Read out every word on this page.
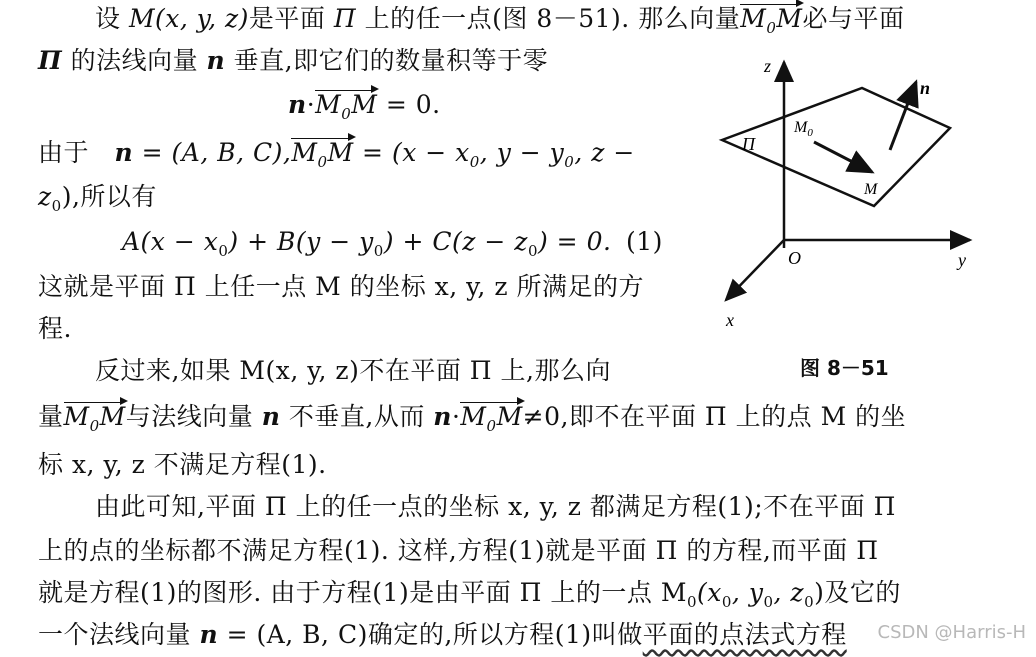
设 M(x, y, z)是平面 Π 上的任一点(图 8－51). 那么向量$M_0M$必与平面
Π 的法线向量 n 垂直,即它们的数量积等于零
$n\cdot M_0M = 0$.
由于　n = (A, B, $C),M_0M = (x - x_0$, $y - y_0$, z −
$z_0$),所以有
$A(x - x_0) + B(y - y_0) + C(z - z_0) = 0$. (1)
这就是平面 Π 上任一点 M 的坐标 x, y, z 所满足的方
程.
反过来,如果 M(x, y, z)不在平面 Π 上,那么向
量$M_0M$与法线向量 n 不垂直,从而 $n\cdot M_0M\ne 0$,即不在平面 Π 上的点 M 的坐
标 x, y, z 不满足方程(1).
由此可知,平面 Π 上的任一点的坐标 x, y, z 都满足方程(1);不在平面 Π
上的点的坐标都不满足方程(1). 这样,方程(1)就是平面 Π 的方程,而平面 Π
就是方程(1)的图形. 由于方程(1)是由平面 Π 上的一点 $M_0(x_0$, $y_0$, $z_0$)及它的
一个法线向量 n = (A, B, C)确定的,所以方程(1)叫做平面的点法式方程
z
y
x
O
n
Π
$M_0$
M
图 8－51
CSDN @Harris-H
